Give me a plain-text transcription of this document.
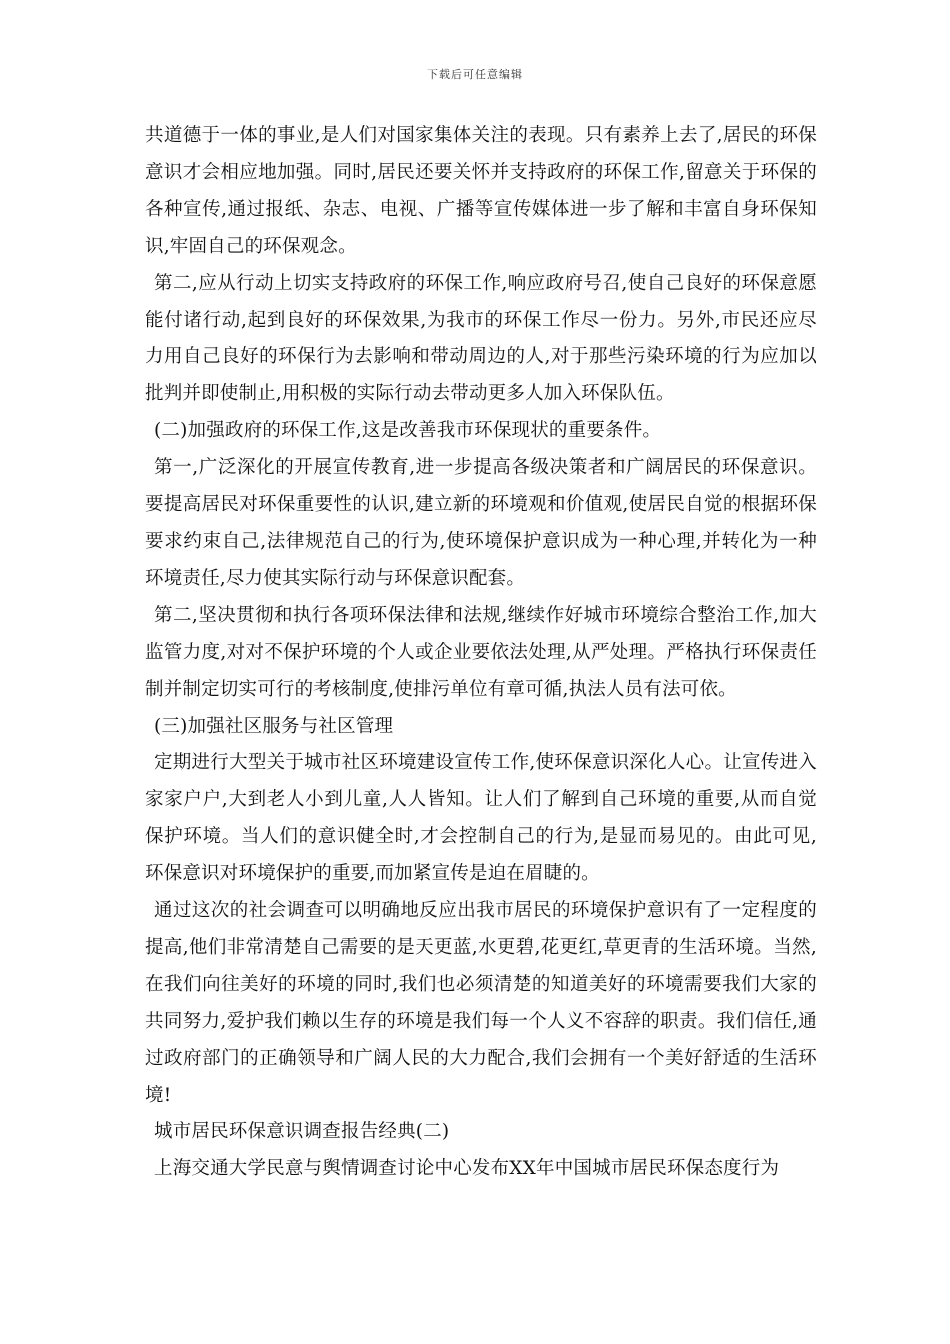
下载后可任意编辑

共道德于一体的事业,是人们对国家集体关注的表现。只有素养上去了,居民的环保意识才会相应地加强。同时,居民还要关怀并支持政府的环保工作,留意关于环保的各种宣传,通过报纸、杂志、电视、广播等宣传媒体进一步了解和丰富自身环保知识,牢固自己的环保观念。

第二,应从行动上切实支持政府的环保工作,响应政府号召,使自己良好的环保意愿能付诸行动,起到良好的环保效果,为我市的环保工作尽一份力。另外,市民还应尽力用自己良好的环保行为去影响和带动周边的人,对于那些污染环境的行为应加以批判并即使制止,用积极的实际行动去带动更多人加入环保队伍。

(二)加强政府的环保工作,这是改善我市环保现状的重要条件。

第一,广泛深化的开展宣传教育,进一步提高各级决策者和广阔居民的环保意识。要提高居民对环保重要性的认识,建立新的环境观和价值观,使居民自觉的根据环保要求约束自己,法律规范自己的行为,使环境保护意识成为一种心理,并转化为一种环境责任,尽力使其实际行动与环保意识配套。

第二,坚决贯彻和执行各项环保法律和法规,继续作好城市环境综合整治工作,加大监管力度,对对不保护环境的个人或企业要依法处理,从严处理。严格执行环保责任制并制定切实可行的考核制度,使排污单位有章可循,执法人员有法可依。

(三)加强社区服务与社区管理

定期进行大型关于城市社区环境建设宣传工作,使环保意识深化人心。让宣传进入家家户户,大到老人小到儿童,人人皆知。让人们了解到自己环境的重要,从而自觉保护环境。当人们的意识健全时,才会控制自己的行为,是显而易见的。由此可见,环保意识对环境保护的重要,而加紧宣传是迫在眉睫的。

通过这次的社会调查可以明确地反应出我市居民的环境保护意识有了一定程度的提高,他们非常清楚自己需要的是天更蓝,水更碧,花更红,草更青的生活环境。当然,在我们向往美好的环境的同时,我们也必须清楚的知道美好的环境需要我们大家的共同努力,爱护我们赖以生存的环境是我们每一个人义不容辞的职责。我们信任,通过政府部门的正确领导和广阔人民的大力配合,我们会拥有一个美好舒适的生活环境!

城市居民环保意识调查报告经典(二)

上海交通大学民意与舆情调查讨论中心发布XX年中国城市居民环保态度行为
